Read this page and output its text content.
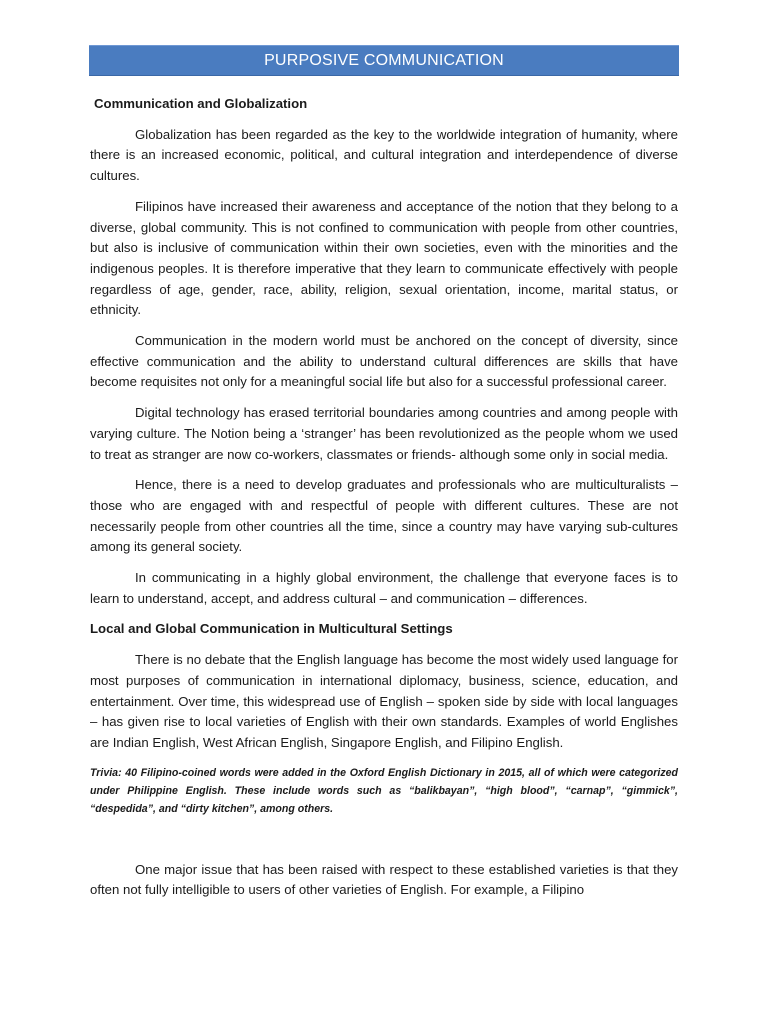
PURPOSIVE COMMUNICATION
Communication and Globalization

Globalization has been regarded as the key to the worldwide integration of humanity, where there is an increased economic, political, and cultural integration and interdependence of diverse cultures.

Filipinos have increased their awareness and acceptance of the notion that they belong to a diverse, global community. This is not confined to communication with people from other countries, but also is inclusive of communication within their own societies, even with the minorities and the indigenous peoples. It is therefore imperative that they learn to communicate effectively with people regardless of age, gender, race, ability, religion, sexual orientation, income, marital status, or ethnicity.

Communication in the modern world must be anchored on the concept of diversity, since effective communication and the ability to understand cultural differences are skills that have become requisites not only for a meaningful social life but also for a successful professional career.

Digital technology has erased territorial boundaries among countries and among people with varying culture. The Notion being a ‘stranger’ has been revolutionized as the people whom we used to treat as stranger are now co-workers, classmates or friends- although some only in social media.

Hence, there is a need to develop graduates and professionals who are multiculturalists – those who are engaged with and respectful of people with different cultures. These are not necessarily people from other countries all the time, since a country may have varying sub-cultures among its general society.

In communicating in a highly global environment, the challenge that everyone faces is to learn to understand, accept, and address cultural – and communication – differences.

Local and Global Communication in Multicultural Settings

There is no debate that the English language has become the most widely used language for most purposes of communication in international diplomacy, business, science, education, and entertainment. Over time, this widespread use of English – spoken side by side with local languages – has given rise to local varieties of English with their own standards. Examples of world Englishes are Indian English, West African English, Singapore English, and Filipino English.

Trivia: 40 Filipino-coined words were added in the Oxford English Dictionary in 2015, all of which were categorized under Philippine English. These include words such as “balikbayan”, “high blood”, “carnap”, “gimmick”, “despedida”, and “dirty kitchen”, among others.

One major issue that has been raised with respect to these established varieties is that they often not fully intelligible to users of other varieties of English. For example, a Filipino
